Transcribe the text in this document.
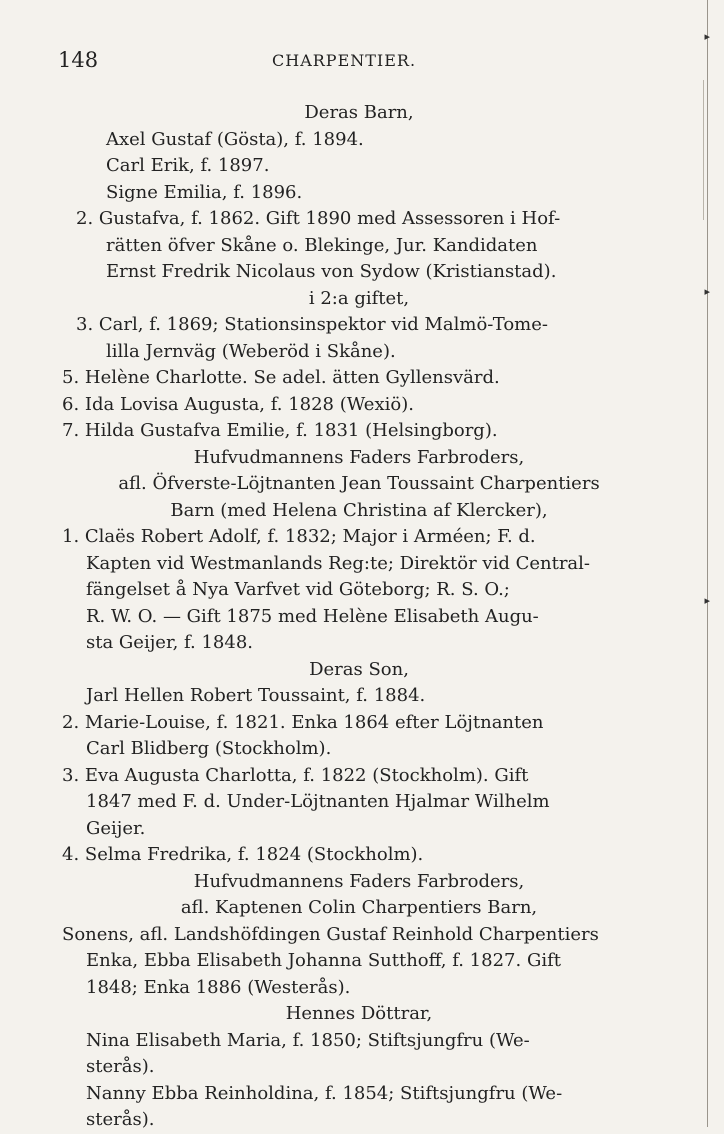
▸
▸
▸
148	CHARPENTIER.
Deras Barn,
Axel Gustaf (Gösta), f. 1894.
Carl Erik, f. 1897.
Signe Emilia, f. 1896.
2. Gustafva, f. 1862. Gift 1890 med Assessoren i Hof-
rätten öfver Skåne o. Blekinge, Jur. Kandidaten
Ernst Fredrik Nicolaus von Sydow (Kristianstad).
i 2:a giftet,
3. Carl, f. 1869; Stationsinspektor vid Malmö-Tome-
lilla Jernväg (Weberöd i Skåne).
5. Helène Charlotte. Se adel. ätten Gyllensvärd.
6. Ida Lovisa Augusta, f. 1828 (Wexiö).
7. Hilda Gustafva Emilie, f. 1831 (Helsingborg).
Hufvudmannens Faders Farbroders,
afl. Öfverste-Löjtnanten Jean Toussaint Charpentiers
Barn (med Helena Christina af Klercker),
1. Claës Robert Adolf, f. 1832; Major i Arméen; F. d.
Kapten vid Westmanlands Reg:te; Direktör vid Central-
fängelset å Nya Varfvet vid Göteborg; R. S. O.;
R. W. O. — Gift 1875 med Helène Elisabeth Augu-
sta Geijer, f. 1848.
Deras Son,
Jarl Hellen Robert Toussaint, f. 1884.
2. Marie-Louise, f. 1821. Enka 1864 efter Löjtnanten
Carl Blidberg (Stockholm).
3. Eva Augusta Charlotta, f. 1822 (Stockholm). Gift
1847 med F. d. Under-Löjtnanten Hjalmar Wilhelm
Geijer.
4. Selma Fredrika, f. 1824 (Stockholm).
Hufvudmannens Faders Farbroders,
afl. Kaptenen Colin Charpentiers Barn,
Sonens, afl. Landshöfdingen Gustaf Reinhold Charpentiers
Enka, Ebba Elisabeth Johanna Sutthoff, f. 1827. Gift
1848; Enka 1886 (Westerås).
Hennes Döttrar,
Nina Elisabeth Maria, f. 1850; Stiftsjungfru (We-
sterås).
Nanny Ebba Reinholdina, f. 1854; Stiftsjungfru (We-
sterås).
